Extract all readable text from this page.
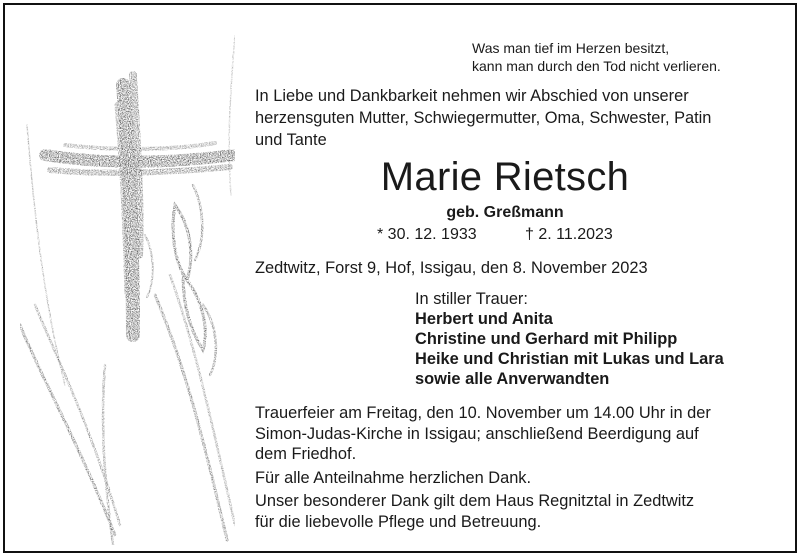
Was man tief im Herzen besitzt,
kann man durch den Tod nicht verlieren.
In Liebe und Dankbarkeit nehmen wir Abschied von unserer
herzensguten Mutter, Schwiegermutter, Oma, Schwester, Patin
und Tante
Marie Rietsch
geb. Greßmann
* 30. 12. 1933	† 2. 11.2023
Zedtwitz, Forst 9, Hof, Issigau, den 8. November 2023
In stiller Trauer:
Herbert und Anita
Christine und Gerhard mit Philipp
Heike und Christian mit Lukas und Lara
sowie alle Anverwandten

Trauerfeier am Freitag, den 10. November um 14.00 Uhr in der
Simon-Judas-Kirche in Issigau; anschließend Beerdigung auf
dem Friedhof.

Für alle Anteilnahme herzlichen Dank.

Unser besonderer Dank gilt dem Haus Regnitztal in Zedtwitz
für die liebevolle Pflege und Betreuung.
